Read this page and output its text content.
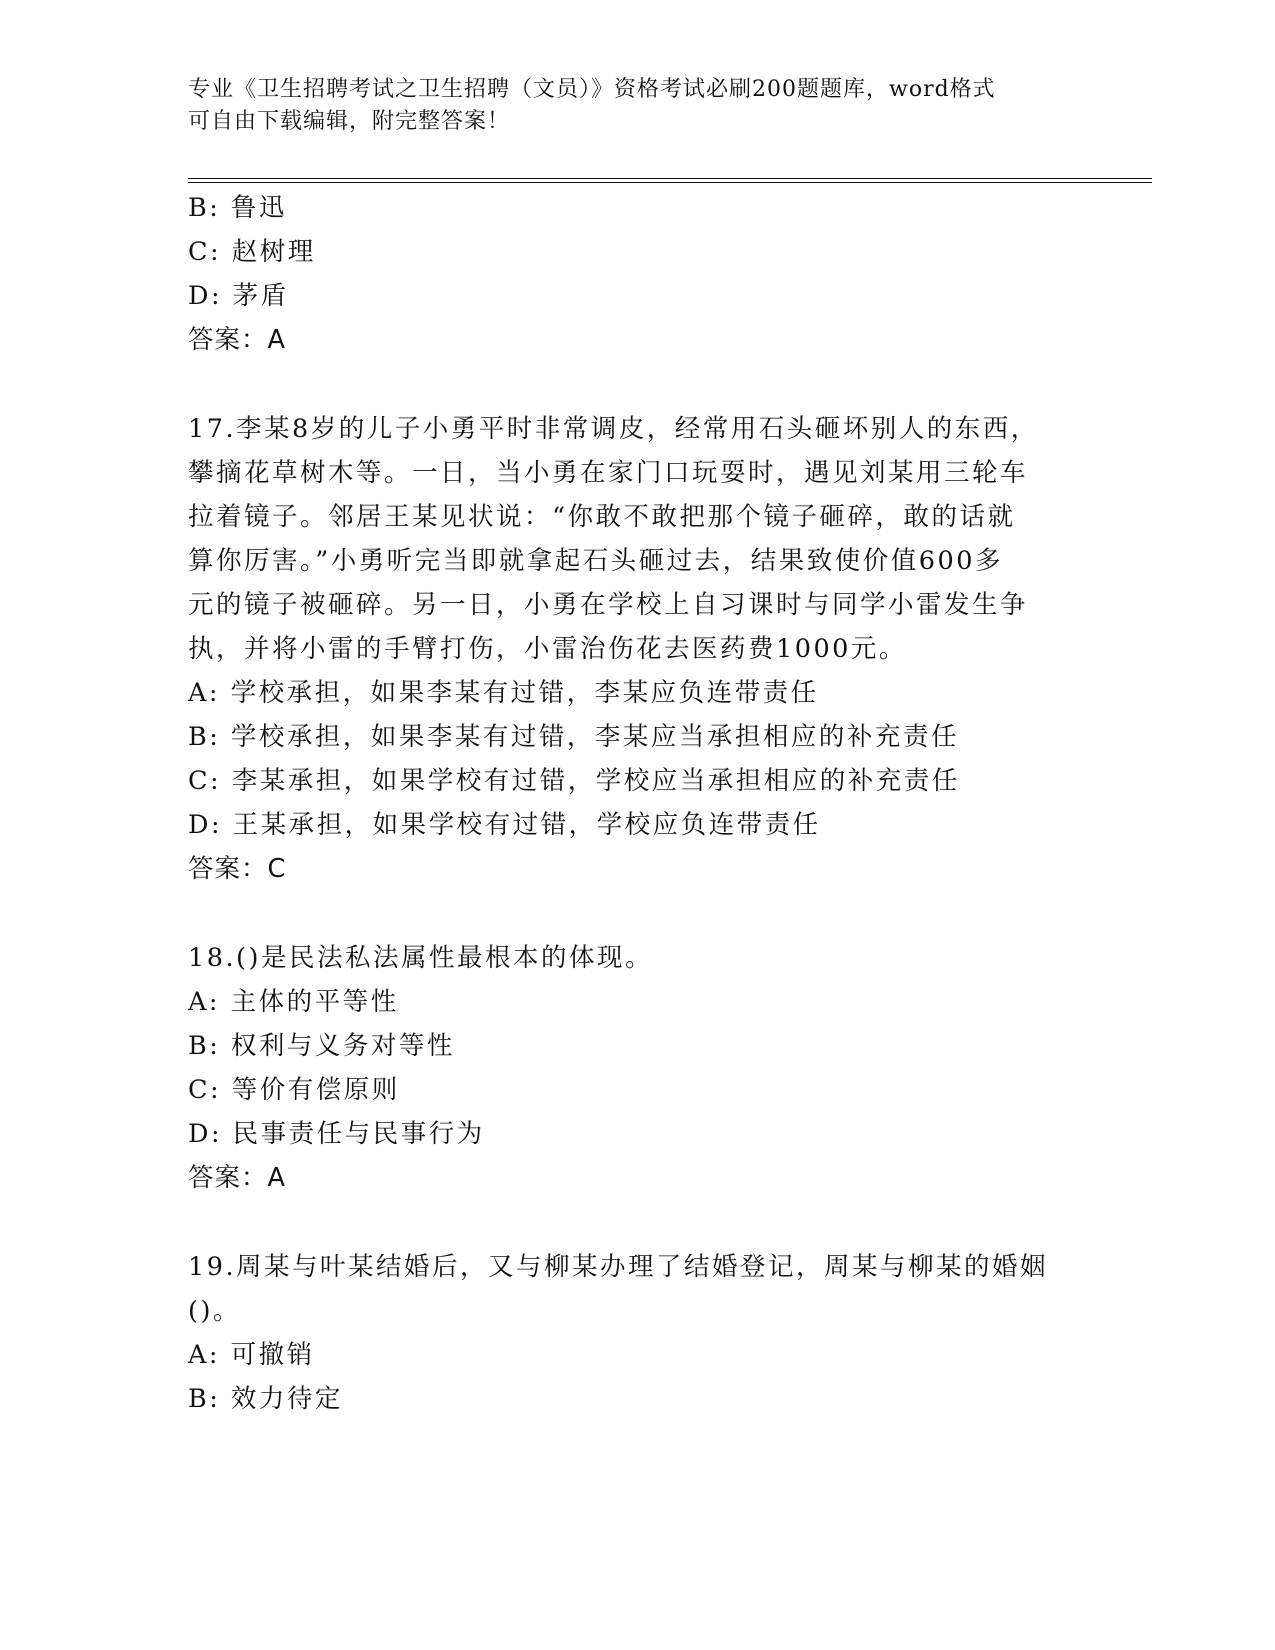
专业《卫生招聘考试之卫生招聘（文员）》资格考试必刷200题题库，word格式
可自由下载编辑，附完整答案！
B: 鲁迅
C: 赵树理
D: 茅盾
答案：A
17.李某8岁的儿子小勇平时非常调皮，经常用石头砸坏别人的东西，
攀摘花草树木等。一日，当小勇在家门口玩耍时，遇见刘某用三轮车
拉着镜子。邻居王某见状说：“你敢不敢把那个镜子砸碎，敢的话就
算你厉害。”小勇听完当即就拿起石头砸过去，结果致使价值600多
元的镜子被砸碎。另一日，小勇在学校上自习课时与同学小雷发生争
执，并将小雷的手臂打伤，小雷治伤花去医药费1000元。
A: 学校承担，如果李某有过错，李某应负连带责任
B: 学校承担，如果李某有过错，李某应当承担相应的补充责任
C: 李某承担，如果学校有过错，学校应当承担相应的补充责任
D: 王某承担，如果学校有过错，学校应负连带责任
答案：C
18.()是民法私法属性最根本的体现。
A: 主体的平等性
B: 权利与义务对等性
C: 等价有偿原则
D: 民事责任与民事行为
答案：A
19.周某与叶某结婚后，又与柳某办理了结婚登记，周某与柳某的婚姻
()。
A: 可撤销
B: 效力待定
